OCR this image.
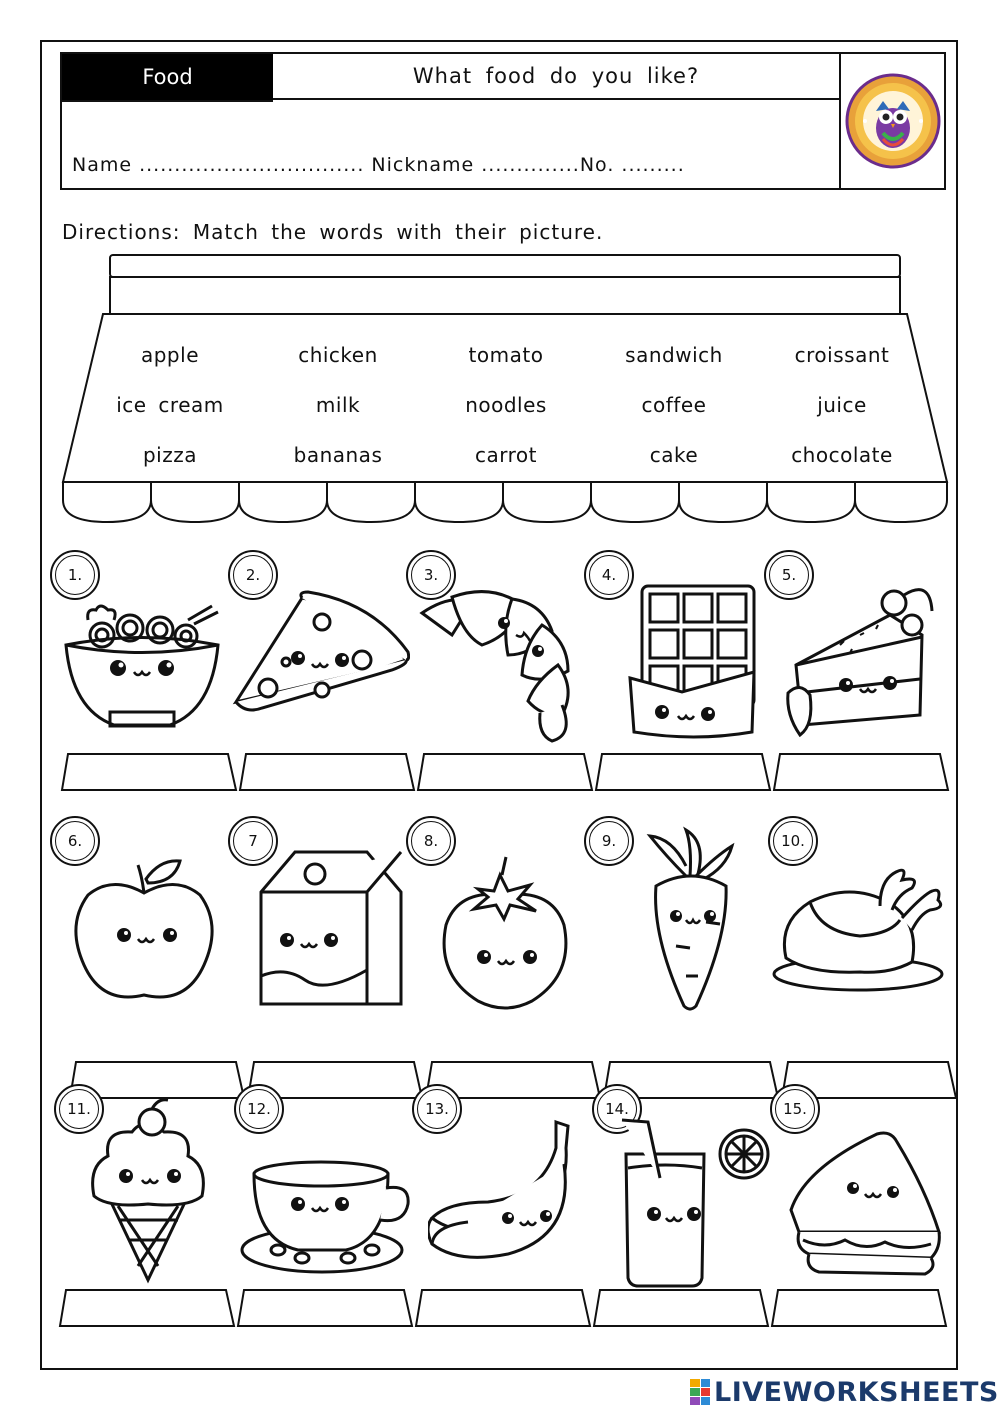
Food	What food do you like?
Name ................................ Nickname ..............No. .........
Directions: Match the words with their picture.
apple	chicken	tomato	sandwich	croissant
ice cream	milk	noodles	coffee	juice
pizza	bananas	carrot	cake	chocolate
1.	2.	3.	4.	5.
6.	7	8.	9.	10.
11.	12.	13.	14.	15.
LIVEWORKSHEETS
